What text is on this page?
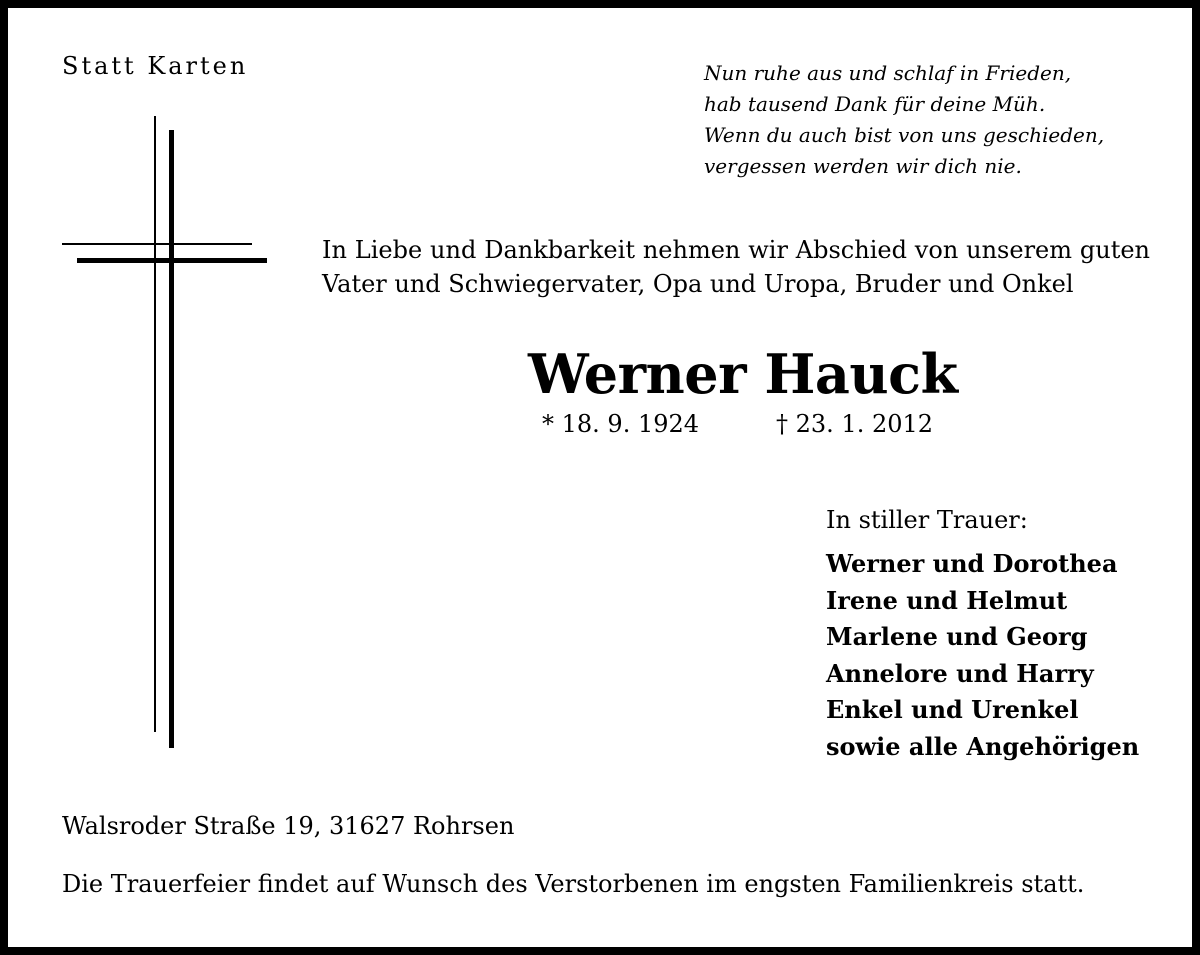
Statt Karten	Nun ruhe aus und schlaf in Frieden,
hab tausend Dank für deine Müh.
Wenn du auch bist von uns geschieden,
vergessen werden wir dich nie.
In Liebe und Dankbarkeit nehmen wir Abschied von unserem guten Vater und Schwiegervater, Opa und Uropa, Bruder und Onkel
Werner Hauck
* 18. 9. 1924	† 23. 1. 2012
In stiller Trauer:
Werner und Dorothea
Irene und Helmut
Marlene und Georg
Annelore und Harry
Enkel und Urenkel
sowie alle Angehörigen
Walsroder Straße 19, 31627 Rohrsen
Die Trauerfeier findet auf Wunsch des Verstorbenen im engsten Familienkreis statt.
